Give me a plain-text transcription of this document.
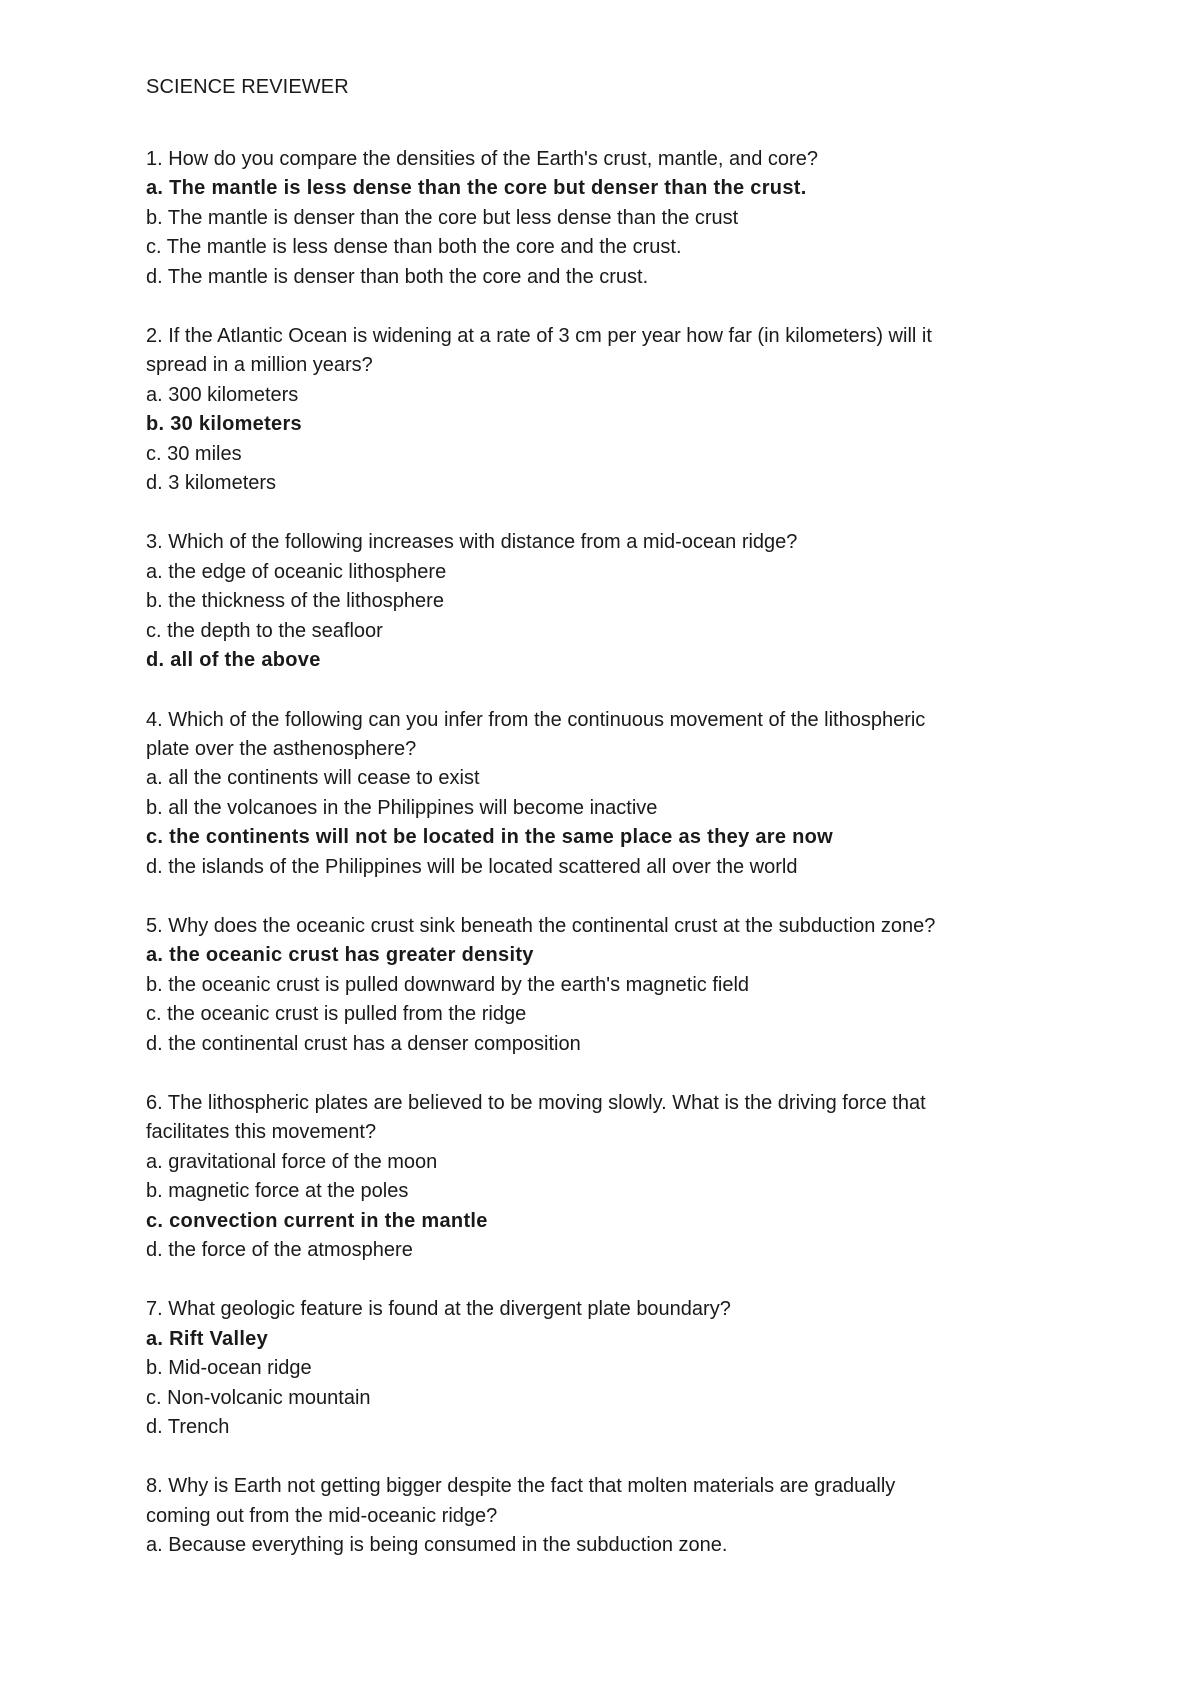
SCIENCE REVIEWER
1. How do you compare the densities of the Earth's crust, mantle, and core?
a. The mantle is less dense than the core but denser than the crust.
b. The mantle is denser than the core but less dense than the crust
c. The mantle is less dense than both the core and the crust.
d. The mantle is denser than both the core and the crust.
2. If the Atlantic Ocean is widening at a rate of 3 cm per year how far (in kilometers) will it
spread in a million years?
a. 300 kilometers
b. 30 kilometers
c. 30 miles
d. 3 kilometers
3. Which of the following increases with distance from a mid-ocean ridge?
a. the edge of oceanic lithosphere
b. the thickness of the lithosphere
c. the depth to the seafloor
d. all of the above
4. Which of the following can you infer from the continuous movement of the lithospheric
plate over the asthenosphere?
a. all the continents will cease to exist
b. all the volcanoes in the Philippines will become inactive
c. the continents will not be located in the same place as they are now
d. the islands of the Philippines will be located scattered all over the world
5. Why does the oceanic crust sink beneath the continental crust at the subduction zone?
a. the oceanic crust has greater density
b. the oceanic crust is pulled downward by the earth's magnetic field
c. the oceanic crust is pulled from the ridge
d. the continental crust has a denser composition
6. The lithospheric plates are believed to be moving slowly. What is the driving force that
facilitates this movement?
a. gravitational force of the moon
b. magnetic force at the poles
c. convection current in the mantle
d. the force of the atmosphere
7. What geologic feature is found at the divergent plate boundary?
a. Rift Valley
b. Mid-ocean ridge
c. Non-volcanic mountain
d. Trench
8. Why is Earth not getting bigger despite the fact that molten materials are gradually
coming out from the mid-oceanic ridge?
a. Because everything is being consumed in the subduction zone.
